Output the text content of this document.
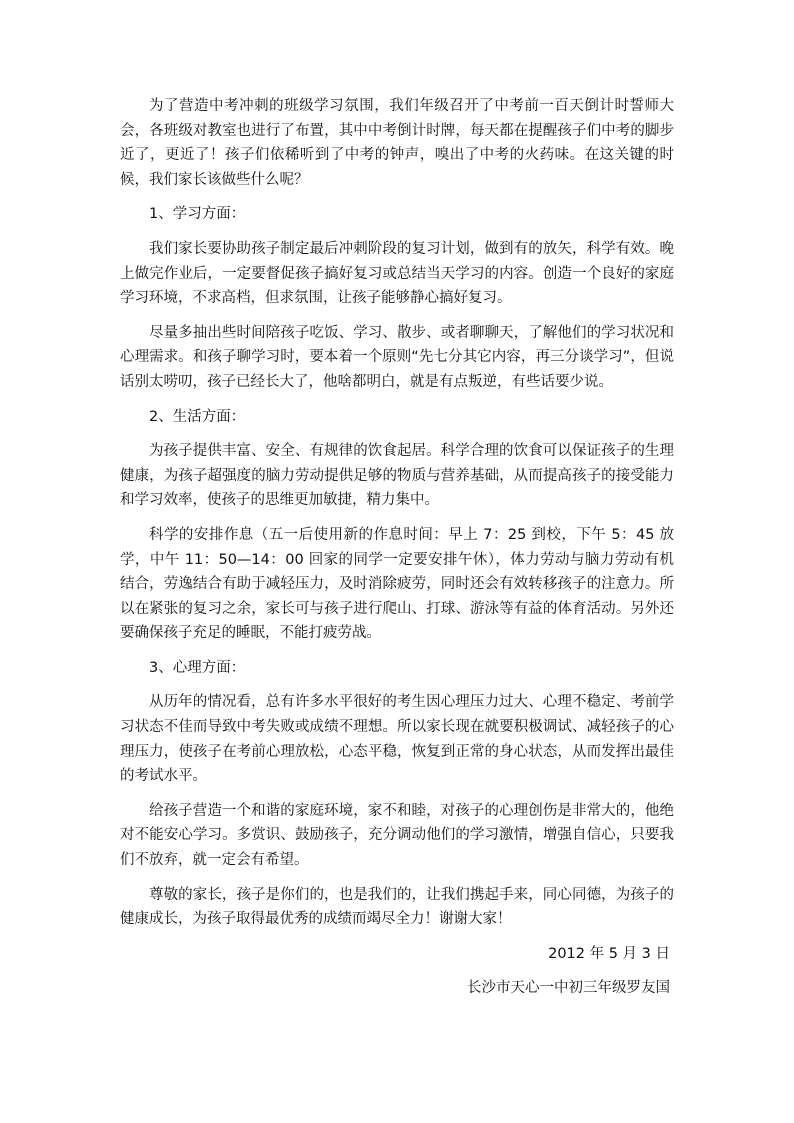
为了营造中考冲刺的班级学习氛围，我们年级召开了中考前一百天倒计时誓师大会，各班级对教室也进行了布置，其中中考倒计时牌，每天都在提醒孩子们中考的脚步近了，更近了！孩子们依稀听到了中考的钟声，嗅出了中考的火药味。在这关键的时候，我们家长该做些什么呢？

1、学习方面：

我们家长要协助孩子制定最后冲刺阶段的复习计划，做到有的放矢，科学有效。晚上做完作业后，一定要督促孩子搞好复习或总结当天学习的内容。创造一个良好的家庭学习环境，不求高档，但求氛围，让孩子能够静心搞好复习。

尽量多抽出些时间陪孩子吃饭、学习、散步、或者聊聊天，了解他们的学习状况和心理需求。和孩子聊学习时，要本着一个原则“先七分其它内容，再三分谈学习”，但说话别太唠叨，孩子已经长大了，他啥都明白，就是有点叛逆，有些话要少说。

2、生活方面：

为孩子提供丰富、安全、有规律的饮食起居。科学合理的饮食可以保证孩子的生理健康，为孩子超强度的脑力劳动提供足够的物质与营养基础，从而提高孩子的接受能力和学习效率，使孩子的思维更加敏捷，精力集中。

科学的安排作息（五一后使用新的作息时间：早上 7：25 到校，下午 5：45 放学，中午 11：50—14：00 回家的同学一定要安排午休），体力劳动与脑力劳动有机结合，劳逸结合有助于减轻压力，及时消除疲劳，同时还会有效转移孩子的注意力。所以在紧张的复习之余，家长可与孩子进行爬山、打球、游泳等有益的体育活动。另外还要确保孩子充足的睡眠，不能打疲劳战。

3、心理方面：

从历年的情况看，总有许多水平很好的考生因心理压力过大、心理不稳定、考前学习状态不佳而导致中考失败或成绩不理想。所以家长现在就要积极调试、减轻孩子的心理压力，使孩子在考前心理放松，心态平稳，恢复到正常的身心状态，从而发挥出最佳的考试水平。

给孩子营造一个和谐的家庭环境，家不和睦，对孩子的心理创伤是非常大的，他绝对不能安心学习。多赏识、鼓励孩子，充分调动他们的学习激情，增强自信心，只要我们不放弃，就一定会有希望。

尊敬的家长，孩子是你们的，也是我们的，让我们携起手来，同心同德，为孩子的健康成长，为孩子取得最优秀的成绩而竭尽全力！谢谢大家！

2012 年 5 月 3 日

长沙市天心一中初三年级罗友国
